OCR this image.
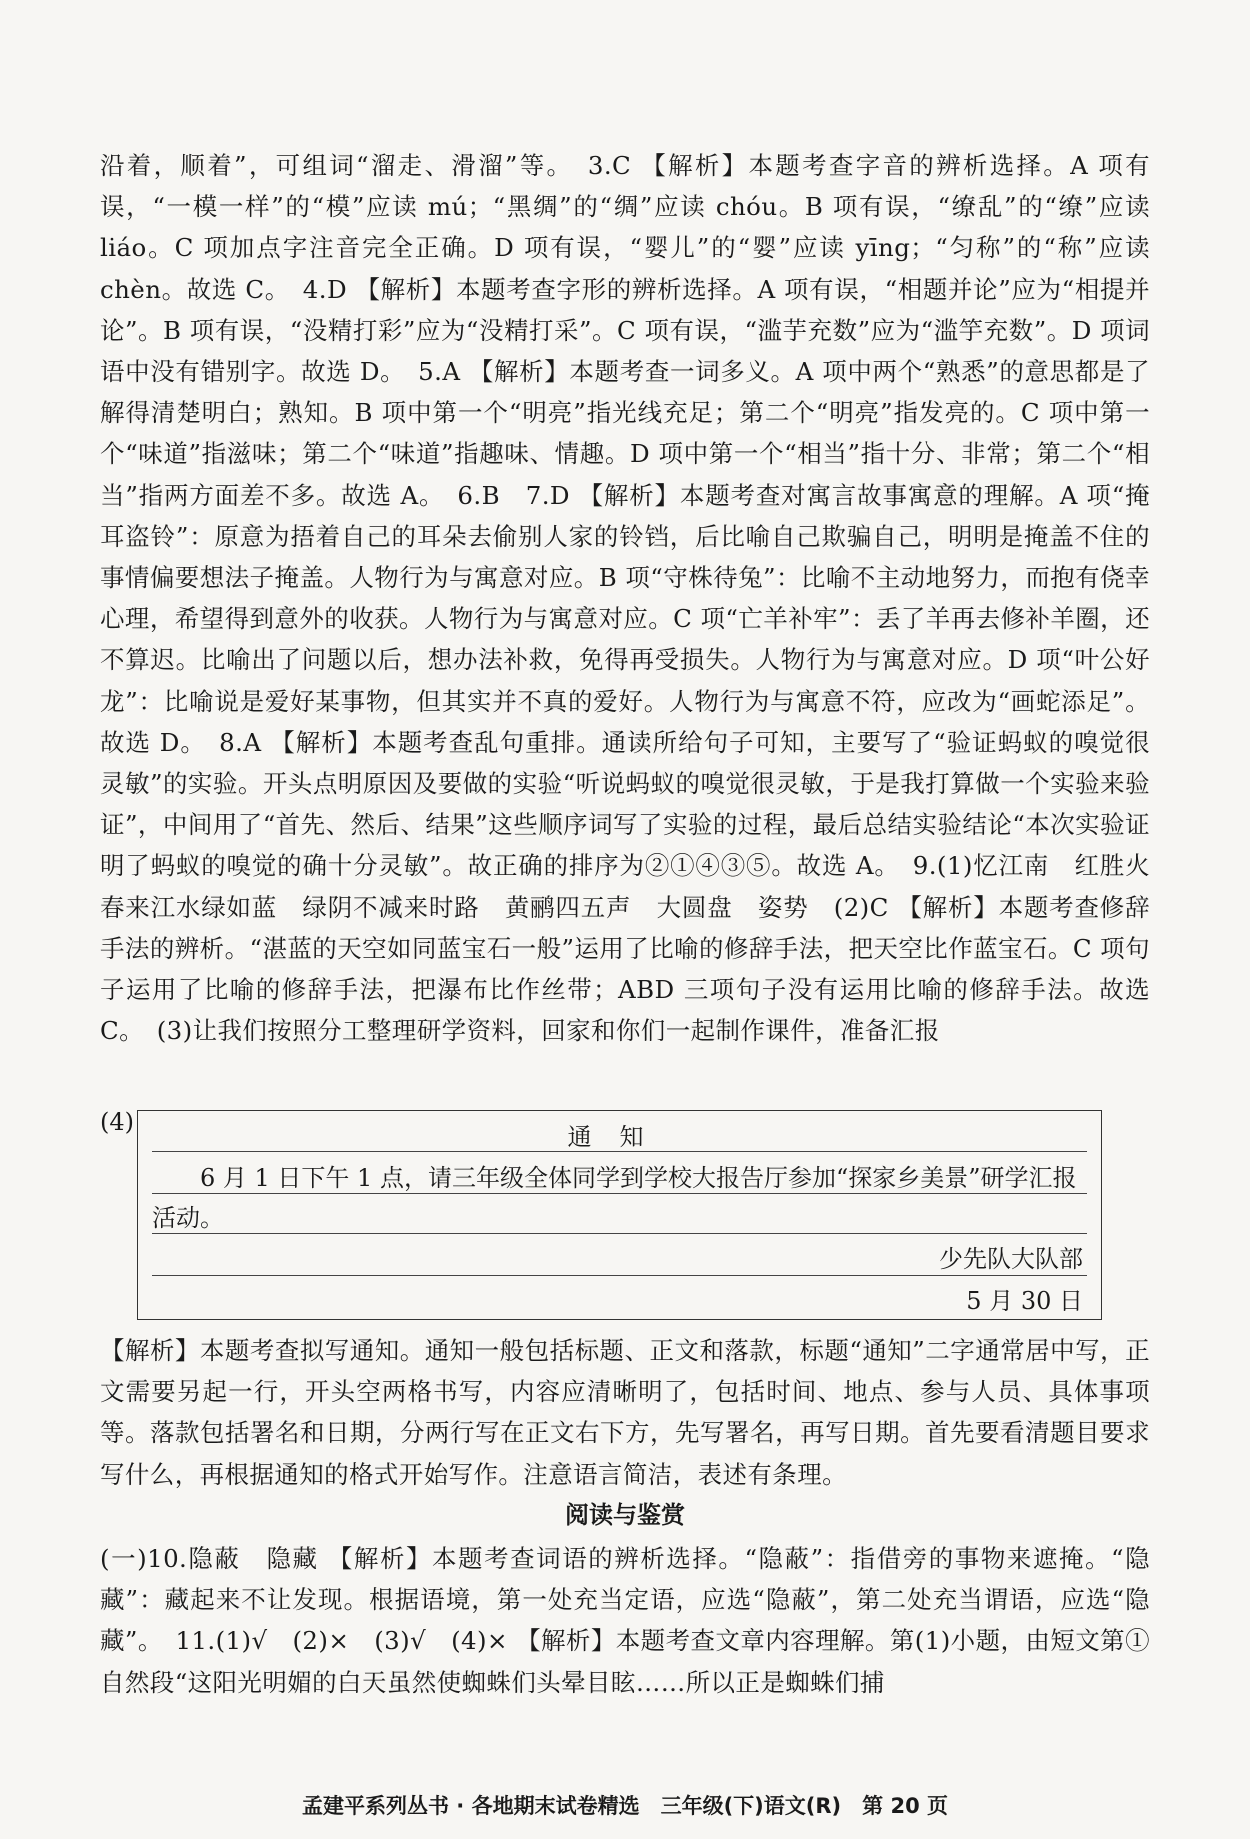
沿着，顺着”，可组词“溜走、滑溜”等。　3.C 【解析】本题考查字音的辨析选择。A 项有误，“一模一样”的“模”应读 mú；“黑绸”的“绸”应读 chóu。B 项有误，“缭乱”的“缭”应读 liáo。C 项加点字注音完全正确。D 项有误，“婴儿”的“婴”应读 yīng；“匀称”的“称”应读 chèn。故选 C。　4.D 【解析】本题考查字形的辨析选择。A 项有误，“相题并论”应为“相提并论”。B 项有误，“没精打彩”应为“没精打采”。C 项有误，“滥芋充数”应为“滥竽充数”。D 项词语中没有错别字。故选 D。　5.A 【解析】本题考查一词多义。A 项中两个“熟悉”的意思都是了解得清楚明白；熟知。B 项中第一个“明亮”指光线充足；第二个“明亮”指发亮的。C 项中第一个“味道”指滋味；第二个“味道”指趣味、情趣。D 项中第一个“相当”指十分、非常；第二个“相当”指两方面差不多。故选 A。　6.B　7.D 【解析】本题考查对寓言故事寓意的理解。A 项“掩耳盗铃”：原意为捂着自己的耳朵去偷别人家的铃铛，后比喻自己欺骗自己，明明是掩盖不住的事情偏要想法子掩盖。人物行为与寓意对应。B 项“守株待兔”：比喻不主动地努力，而抱有侥幸心理，希望得到意外的收获。人物行为与寓意对应。C 项“亡羊补牢”：丢了羊再去修补羊圈，还不算迟。比喻出了问题以后，想办法补救，免得再受损失。人物行为与寓意对应。D 项“叶公好龙”：比喻说是爱好某事物，但其实并不真的爱好。人物行为与寓意不符，应改为“画蛇添足”。故选 D。　8.A 【解析】本题考查乱句重排。通读所给句子可知，主要写了“验证蚂蚁的嗅觉很灵敏”的实验。开头点明原因及要做的实验“听说蚂蚁的嗅觉很灵敏，于是我打算做一个实验来验证”，中间用了“首先、然后、结果”这些顺序词写了实验的过程，最后总结实验结论“本次实验证明了蚂蚁的嗅觉的确十分灵敏”。故正确的排序为②①④③⑤。故选 A。　9.(1)忆江南　红胜火　春来江水绿如蓝　绿阴不减来时路　黄鹂四五声　大圆盘　姿势　(2)C 【解析】本题考查修辞手法的辨析。“湛蓝的天空如同蓝宝石一般”运用了比喻的修辞手法，把天空比作蓝宝石。C 项句子运用了比喻的修辞手法，把瀑布比作丝带；ABD 三项句子没有运用比喻的修辞手法。故选 C。　(3)让我们按照分工整理研学资料，回家和你们一起制作课件，准备汇报

(4)
通知
6 月 1 日下午 1 点，请三年级全体同学到学校大报告厅参加“探家乡美景”研学汇报活动。
少先队大队部
5 月 30 日

【解析】本题考查拟写通知。通知一般包括标题、正文和落款，标题“通知”二字通常居中写，正文需要另起一行，开头空两格书写，内容应清晰明了，包括时间、地点、参与人员、具体事项等。落款包括署名和日期，分两行写在正文右下方，先写署名，再写日期。首先要看清题目要求写什么，再根据通知的格式开始写作。注意语言简洁，表述有条理。

阅读与鉴赏

(一)10.隐蔽　隐藏 【解析】本题考查词语的辨析选择。“隐蔽”：指借旁的事物来遮掩。“隐藏”：藏起来不让发现。根据语境，第一处充当定语，应选“隐蔽”，第二处充当谓语，应选“隐藏”。　11.(1)√　(2)×　(3)√　(4)× 【解析】本题考查文章内容理解。第(1)小题，由短文第①自然段“这阳光明媚的白天虽然使蜘蛛们头晕目眩……所以正是蜘蛛们捕

孟建平系列丛书 · 各地期末试卷精选　三年级(下)语文(R)　第 20 页
